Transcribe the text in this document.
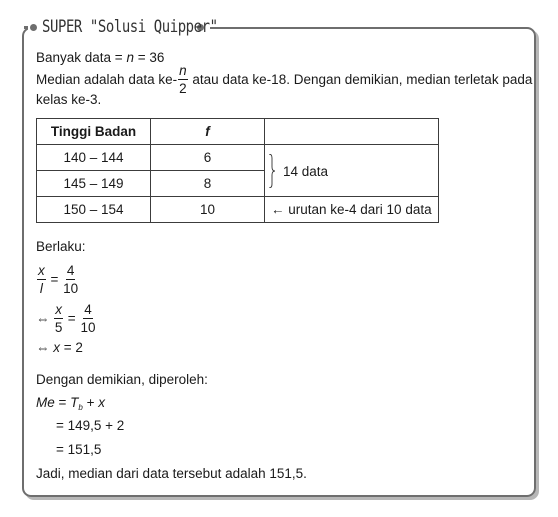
SUPER "Solusi Quipper"
Banyak data = n = 36
Median adalah data $ke- \frac{n}{2}$ atau data ke-18. Dengan demikian, median terletak pada
kelas ke-3.
Tinggi Badan	f	
140 – 144	6	14 data

145 – 149	8	
150 – 154	10	← urutan ke-4 dari 10 data
Berlaku:
$\frac{x}{l} = \frac{4}{10}$
⇔ $\frac{x}{5} = \frac{4}{10}$
⇔ x = 2
Dengan demikian, diperoleh:
$Me = T_b + x$
= 149,5 + 2
= 151,5
Jadi, median dari data tersebut adalah 151,5.
